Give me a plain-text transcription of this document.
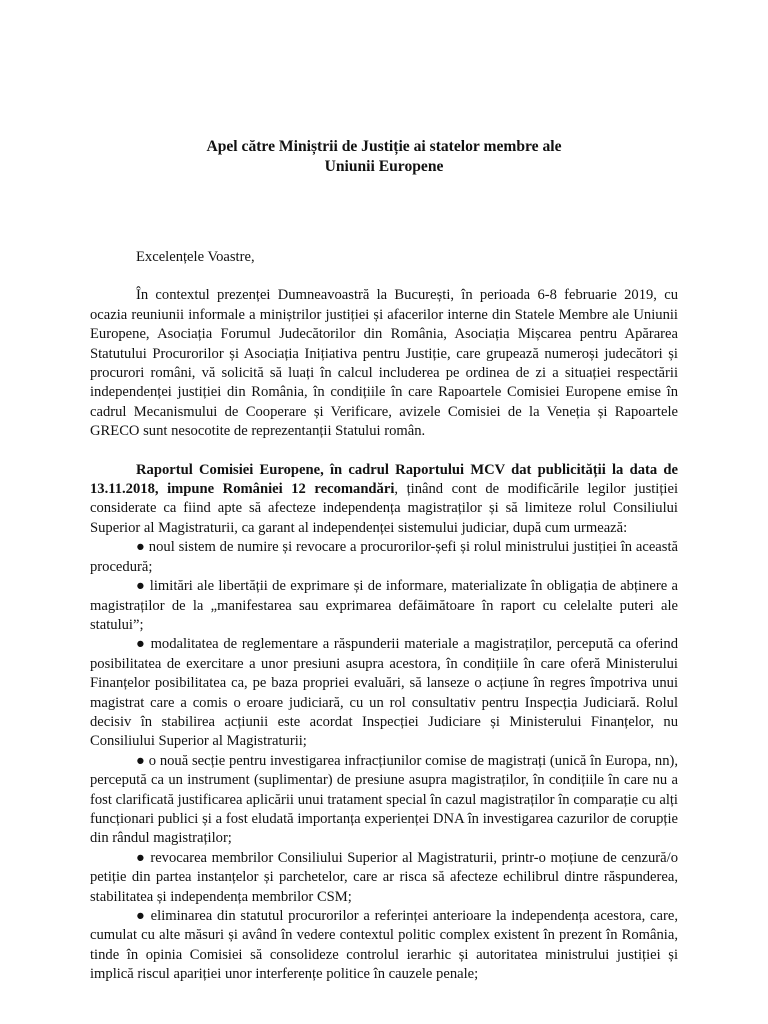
Apel către Miniștrii de Justiție ai statelor membre ale
Uniunii Europene

Excelențele Voastre,

În contextul prezenței Dumneavoastră la București, în perioada 6-8 februarie 2019, cu ocazia reuniunii informale a miniștrilor justiției și afacerilor interne din Statele Membre ale Uniunii Europene, Asociația Forumul Judecătorilor din România, Asociația Mișcarea pentru Apărarea Statutului Procurorilor și Asociația Inițiativa pentru Justiție, care grupează numeroși judecători și procurori români, vă solicită să luați în calcul includerea pe ordinea de zi a situației respectării independenței justiției din România, în condițiile în care Rapoartele Comisiei Europene emise în cadrul Mecanismului de Cooperare și Verificare, avizele Comisiei de la Veneția și Rapoartele GRECO sunt nesocotite de reprezentanții Statului român.

Raportul Comisiei Europene, în cadrul Raportului MCV dat publicității la data de 13.11.2018, impune României 12 recomandări, ținând cont de modificările legilor justiției considerate ca fiind apte să afecteze independența magistraților și să limiteze rolul Consiliului Superior al Magistraturii, ca garant al independenței sistemului judiciar, după cum urmează:

● noul sistem de numire și revocare a procurorilor-șefi și rolul ministrului justiției în această procedură;

● limitări ale libertății de exprimare și de informare, materializate în obligația de abținere a magistraților de la „manifestarea sau exprimarea defăimătoare în raport cu celelalte puteri ale statului”;

● modalitatea de reglementare a răspunderii materiale a magistraților, percepută ca oferind posibilitatea de exercitare a unor presiuni asupra acestora, în condițiile în care oferă Ministerului Finanțelor posibilitatea ca, pe baza propriei evaluări, să lanseze o acțiune în regres împotriva unui magistrat care a comis o eroare judiciară, cu un rol consultativ pentru Inspecția Judiciară. Rolul decisiv în stabilirea acțiunii este acordat Inspecției Judiciare și Ministerului Finanțelor, nu Consiliului Superior al Magistraturii;

● o nouă secție pentru investigarea infracțiunilor comise de magistrați (unică în Europa, nn), percepută ca un instrument (suplimentar) de presiune asupra magistraților, în condițiile în care nu a fost clarificată justificarea aplicării unui tratament special în cazul magistraților în comparație cu alți funcționari publici și a fost eludată importanța experienței DNA în investigarea cazurilor de corupție din rândul magistraților;

● revocarea membrilor Consiliului Superior al Magistraturii, printr-o moțiune de cenzură/o petiție din partea instanțelor și parchetelor, care ar risca să afecteze echilibrul dintre răspunderea, stabilitatea și independența membrilor CSM;

● eliminarea din statutul procurorilor a referinței anterioare la independența acestora, care, cumulat cu alte măsuri și având în vedere contextul politic complex existent în prezent în România, tinde în opinia Comisiei să consolideze controlul ierarhic și autoritatea ministrului justiției și implică riscul apariției unor interferențe politice în cauzele penale;
